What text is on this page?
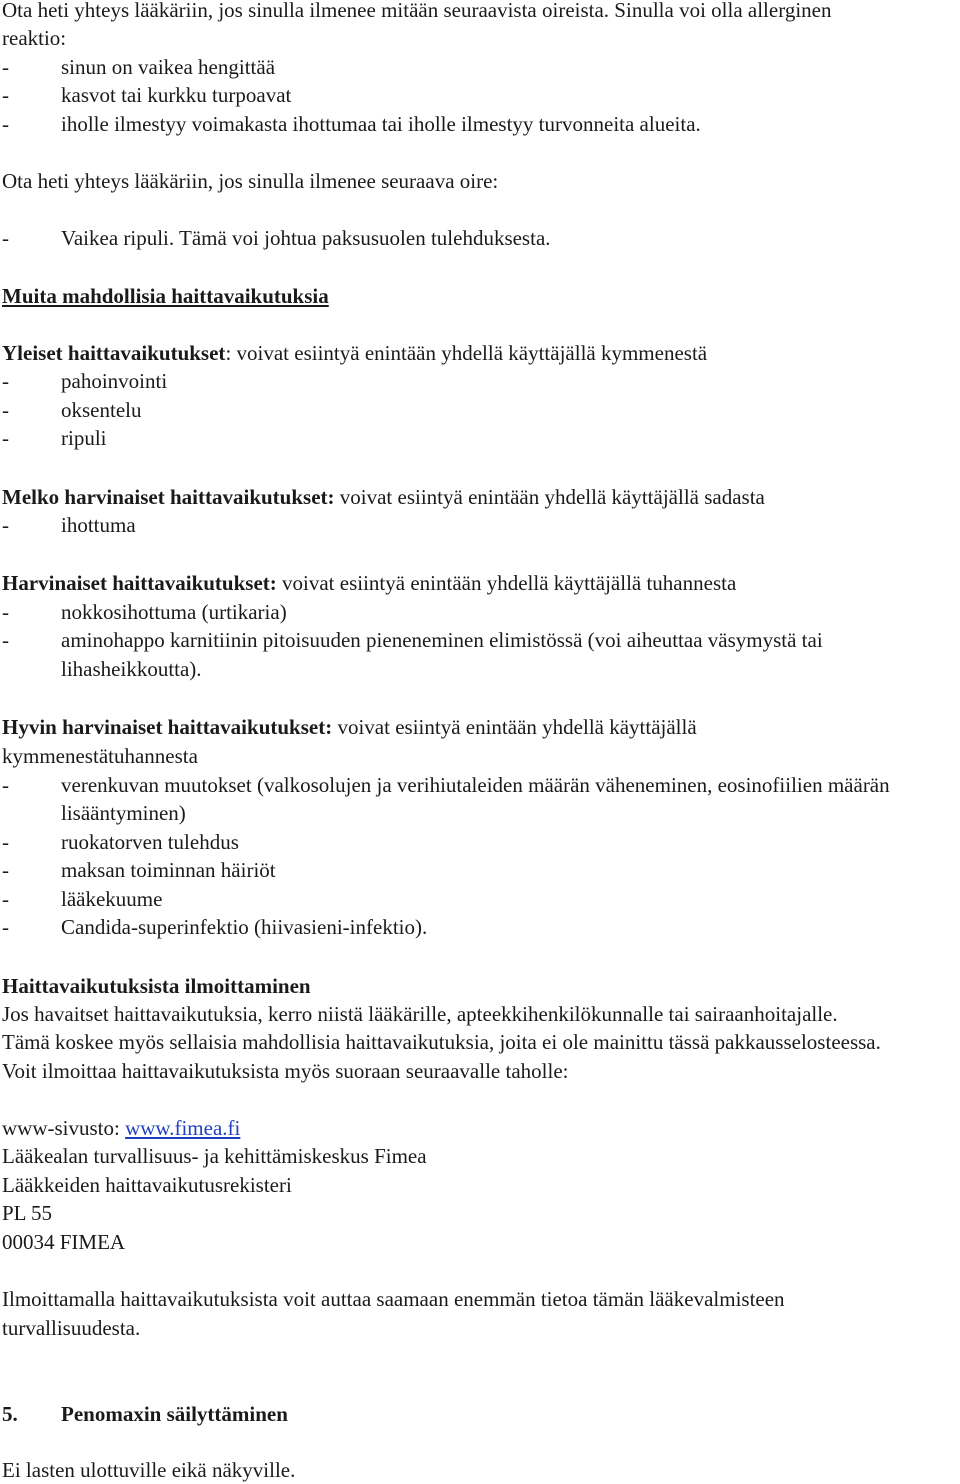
Ota heti yhteys lääkäriin, jos sinulla ilmenee mitään seuraavista oireista. Sinulla voi olla allerginen
reaktio:
- sinun on vaikea hengittää
- kasvot tai kurkku turpoavat
- iholle ilmestyy voimakasta ihottumaa tai iholle ilmestyy turvonneita alueita.
Ota heti yhteys lääkäriin, jos sinulla ilmenee seuraava oire:
- Vaikea ripuli. Tämä voi johtua paksusuolen tulehduksesta.
Muita mahdollisia haittavaikutuksia
Yleiset haittavaikutukset: voivat esiintyä enintään yhdellä käyttäjällä kymmenestä
- pahoinvointi
- oksentelu
- ripuli
Melko harvinaiset haittavaikutukset: voivat esiintyä enintään yhdellä käyttäjällä sadasta
- ihottuma
Harvinaiset haittavaikutukset: voivat esiintyä enintään yhdellä käyttäjällä tuhannesta
- nokkosihottuma (urtikaria)
- aminohappo karnitiinin pitoisuuden pieneneminen elimistössä (voi aiheuttaa väsymystä tai
lihasheikkoutta).
Hyvin harvinaiset haittavaikutukset: voivat esiintyä enintään yhdellä käyttäjällä
kymmenestätuhannesta
- verenkuvan muutokset (valkosolujen ja verihiutaleiden määrän väheneminen, eosinofiilien määrän
lisääntyminen)
- ruokatorven tulehdus
- maksan toiminnan häiriöt
- lääkekuume
- Candida-superinfektio (hiivasieni-infektio).
Haittavaikutuksista ilmoittaminen
Jos havaitset haittavaikutuksia, kerro niistä lääkärille, apteekkihenkilökunnalle tai sairaanhoitajalle.
Tämä koskee myös sellaisia mahdollisia haittavaikutuksia, joita ei ole mainittu tässä pakkausselosteessa.
Voit ilmoittaa haittavaikutuksista myös suoraan seuraavalle taholle:
www-sivusto: www.fimea.fi
Lääkealan turvallisuus- ja kehittämiskeskus Fimea
Lääkkeiden haittavaikutusrekisteri
PL 55
00034 FIMEA
Ilmoittamalla haittavaikutuksista voit auttaa saamaan enemmän tietoa tämän lääkevalmisteen
turvallisuudesta.
5. Penomaxin säilyttäminen
Ei lasten ulottuville eikä näkyville.
